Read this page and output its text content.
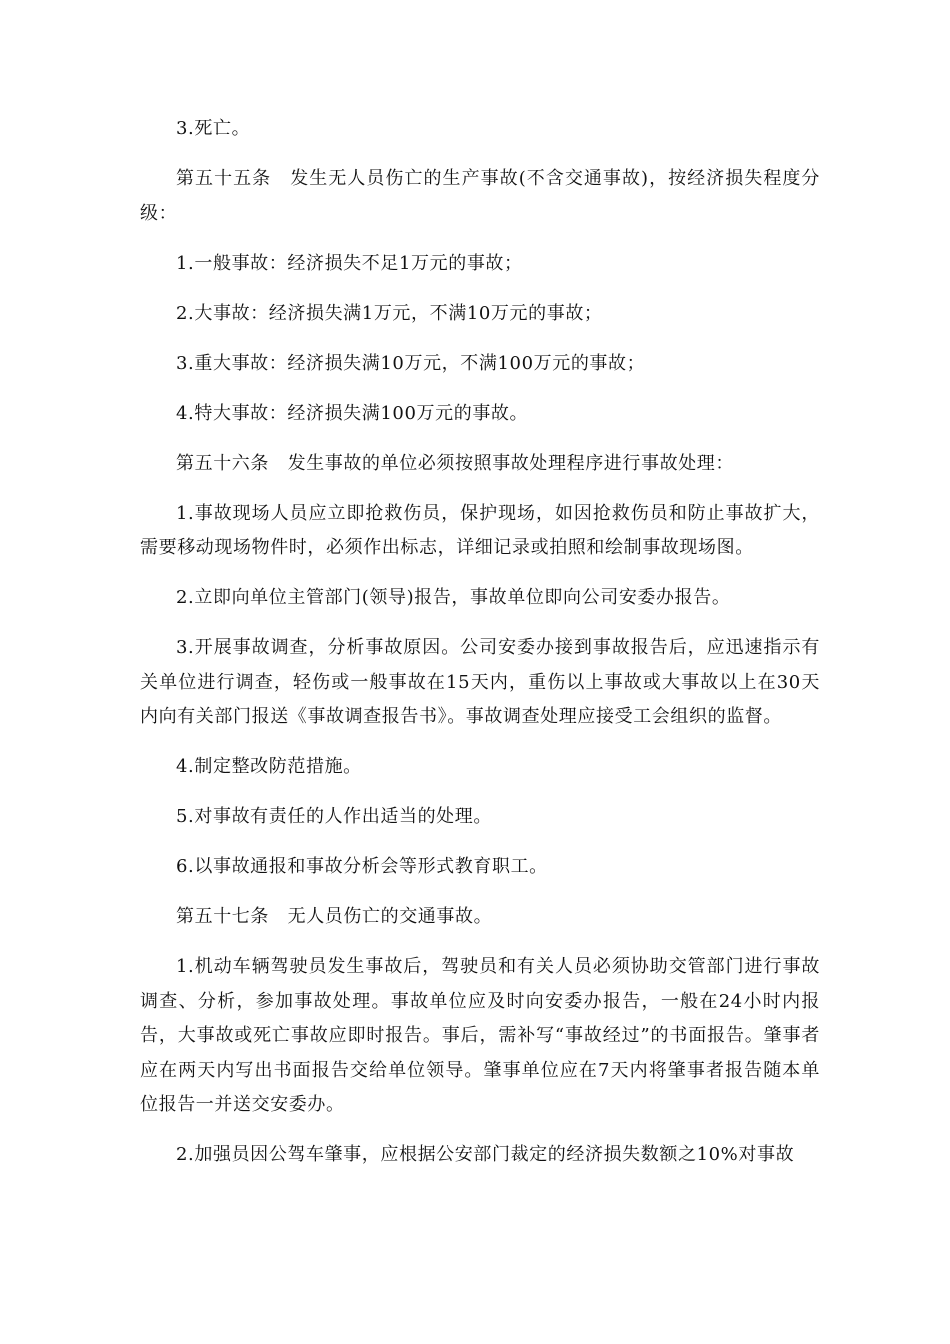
3.死亡。

第五十五条　发生无人员伤亡的生产事故(不含交通事故)，按经济损失程度分级：

1.一般事故：经济损失不足1万元的事故；

2.大事故：经济损失满1万元，不满10万元的事故；

3.重大事故：经济损失满10万元，不满100万元的事故；

4.特大事故：经济损失满100万元的事故。

第五十六条　发生事故的单位必须按照事故处理程序进行事故处理：

1.事故现场人员应立即抢救伤员，保护现场，如因抢救伤员和防止事故扩大，需要移动现场物件时，必须作出标志，详细记录或拍照和绘制事故现场图。

2.立即向单位主管部门(领导)报告，事故单位即向公司安委办报告。

3.开展事故调查，分析事故原因。公司安委办接到事故报告后，应迅速指示有关单位进行调查，轻伤或一般事故在15天内，重伤以上事故或大事故以上在30天内向有关部门报送《事故调查报告书》。事故调查处理应接受工会组织的监督。

4.制定整改防范措施。

5.对事故有责任的人作出适当的处理。

6.以事故通报和事故分析会等形式教育职工。

第五十七条　无人员伤亡的交通事故。

1.机动车辆驾驶员发生事故后，驾驶员和有关人员必须协助交管部门进行事故调查、分析，参加事故处理。事故单位应及时向安委办报告，一般在24小时内报告，大事故或死亡事故应即时报告。事后，需补写“事故经过”的书面报告。肇事者应在两天内写出书面报告交给单位领导。肇事单位应在7天内将肇事者报告随本单位报告一并送交安委办。

2.加强员因公驾车肇事，应根据公安部门裁定的经济损失数额之10%对事故
